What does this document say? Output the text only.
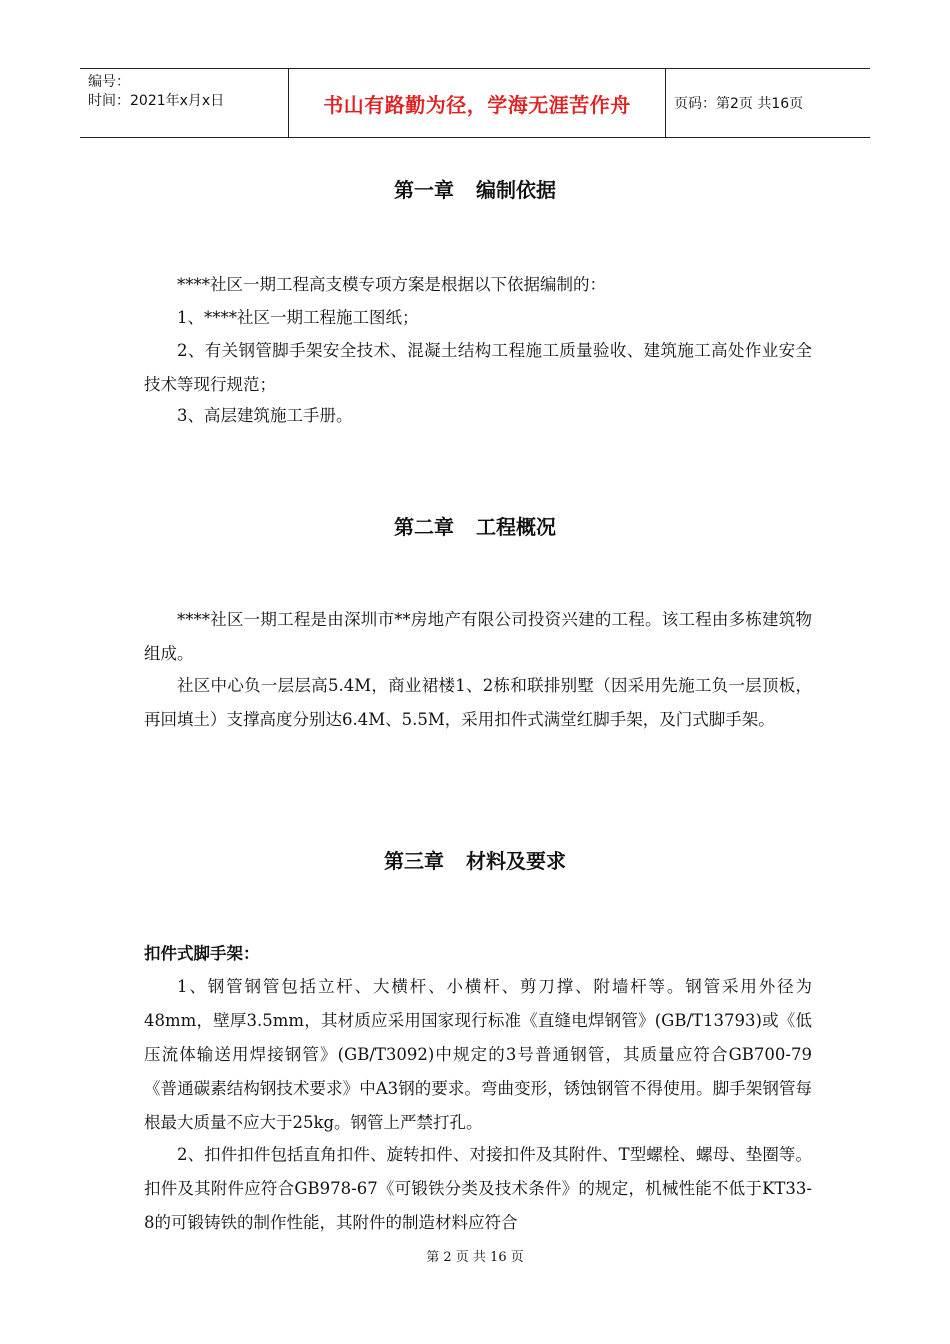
编号：
时间：2021年x月x日	书山有路勤为径，学海无涯苦作舟	页码：第2页 共16页
第一章 编制依据

****社区一期工程高支模专项方案是根据以下依据编制的：

1、****社区一期工程施工图纸；

2、有关钢管脚手架安全技术、混凝土结构工程施工质量验收、建筑施工高处作业安全技术等现行规范；

3、高层建筑施工手册。

第二章 工程概况

****社区一期工程是由深圳市**房地产有限公司投资兴建的工程。该工程由多栋建筑物组成。

社区中心负一层层高5.4M，商业裙楼1、2栋和联排别墅（因采用先施工负一层顶板，再回填土）支撑高度分别达6.4M、5.5M，采用扣件式满堂红脚手架，及门式脚手架。

第三章 材料及要求
扣件式脚手架：

1、钢管钢管包括立杆、大横杆、小横杆、剪刀撑、附墙杆等。钢管采用外径为48mm，壁厚3.5mm，其材质应采用国家现行标准《直缝电焊钢管》(GB/T13793)或《低压流体输送用焊接钢管》(GB/T3092)中规定的3号普通钢管，其质量应符合GB700-79《普通碳素结构钢技术要求》中A3钢的要求。弯曲变形，锈蚀钢管不得使用。脚手架钢管每根最大质量不应大于25kg。钢管上严禁打孔。

2、扣件扣件包括直角扣件、旋转扣件、对接扣件及其附件、T型螺栓、螺母、垫圈等。扣件及其附件应符合GB978-67《可锻铁分类及技术条件》的规定，机械性能不低于KT33-8的可锻铸铁的制作性能，其附件的制造材料应符合

第 2 页 共 16 页
